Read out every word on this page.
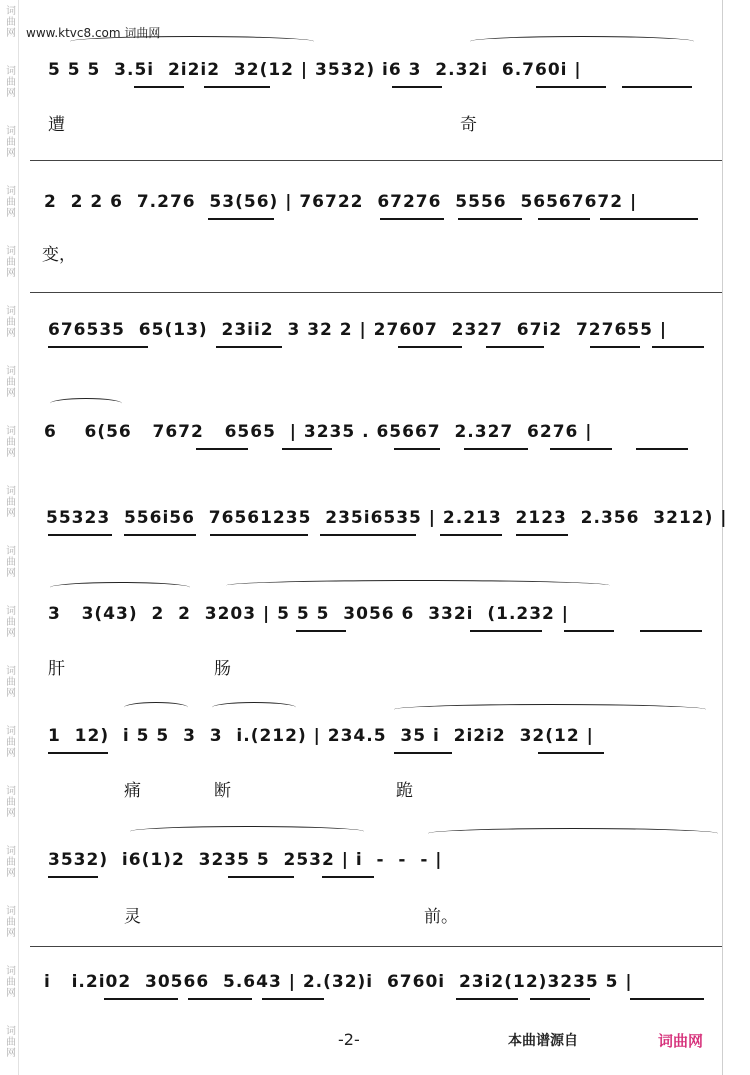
词曲网
词曲网
词曲网
词曲网
词曲网
词曲网
词曲网
词曲网
词曲网
词曲网
词曲网
词曲网
词曲网
词曲网
词曲网
词曲网
词曲网
词曲网
www.ktvc8.com 词曲网
5 5 5  3.5i  2i2i2  32(12 | 3532) i6 3  2.32i  6.760i |
遭	奇
2  2 2 6  7.276  53(56) | 76722  67276  5556  56567672 |
变，
676535  65(13)  23ii2  3 32 2 | 27607  2327  67i2  727655 |
6    6(56   7672   6565  | 3235 . 65667  2.327  6276 |
55323  556i56  76561235  235i6535 | 2.213  2123  2.356  3212) |
3   3(43)  2  2  3203 | 5 5 5  3056 6  332i  (1.232 |
肝	肠
1  12)  i 5 5  3  3  i.(212) | 234.5  35 i  2i2i2  32(12 |
痛	断	跪
3532)  i6(1)2  3235 5  2532 | i  -  -  - |
灵	前。
i   i.2i02  30566  5.643 | 2.(32)i  6760i  23i2(12)3235 5 |
-2-	本曲谱源自	词曲网
